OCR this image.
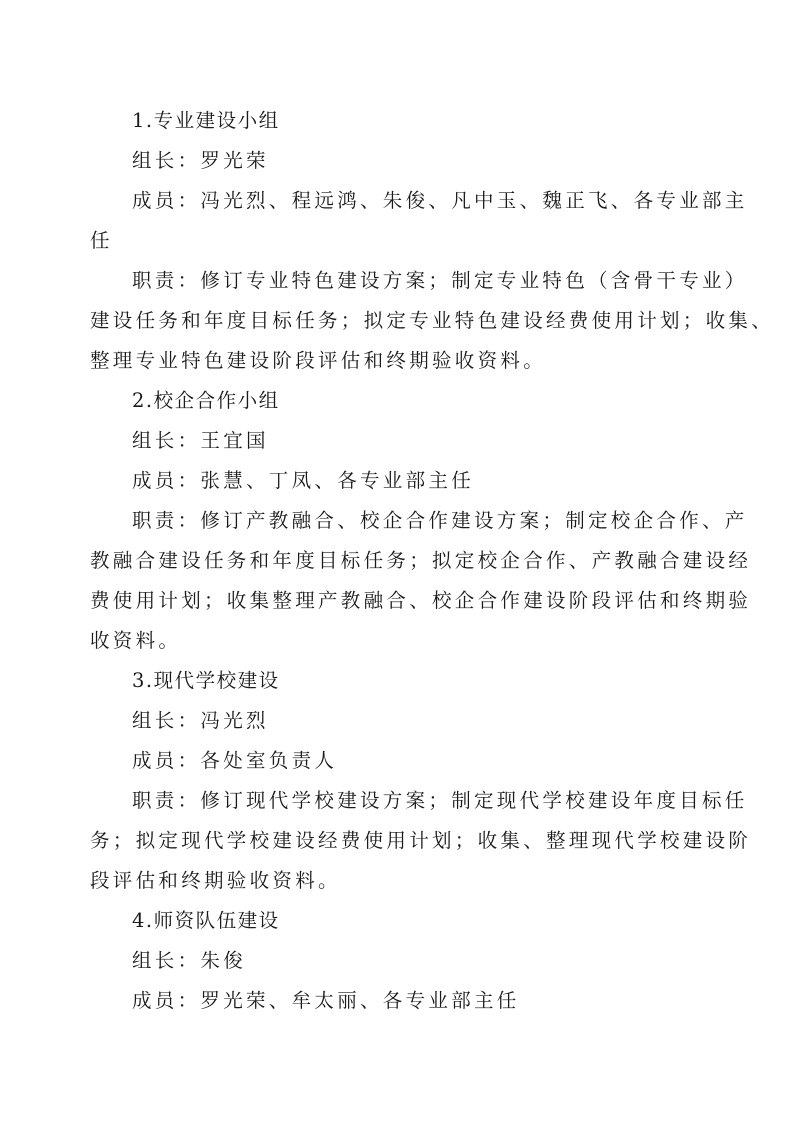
1.专业建设小组
组长：罗光荣
成员：冯光烈、程远鸿、朱俊、凡中玉、魏正飞、各专业部主
任
职责：修订专业特色建设方案；制定专业特色（含骨干专业）
建设任务和年度目标任务；拟定专业特色建设经费使用计划；收集、
整理专业特色建设阶段评估和终期验收资料。
2.校企合作小组
组长：王宜国
成员：张慧、丁凤、各专业部主任
职责：修订产教融合、校企合作建设方案；制定校企合作、产
教融合建设任务和年度目标任务；拟定校企合作、产教融合建设经
费使用计划；收集整理产教融合、校企合作建设阶段评估和终期验
收资料。
3.现代学校建设
组长：冯光烈
成员：各处室负责人
职责：修订现代学校建设方案；制定现代学校建设年度目标任
务；拟定现代学校建设经费使用计划；收集、整理现代学校建设阶
段评估和终期验收资料。
4.师资队伍建设
组长：朱俊
成员：罗光荣、牟太丽、各专业部主任
